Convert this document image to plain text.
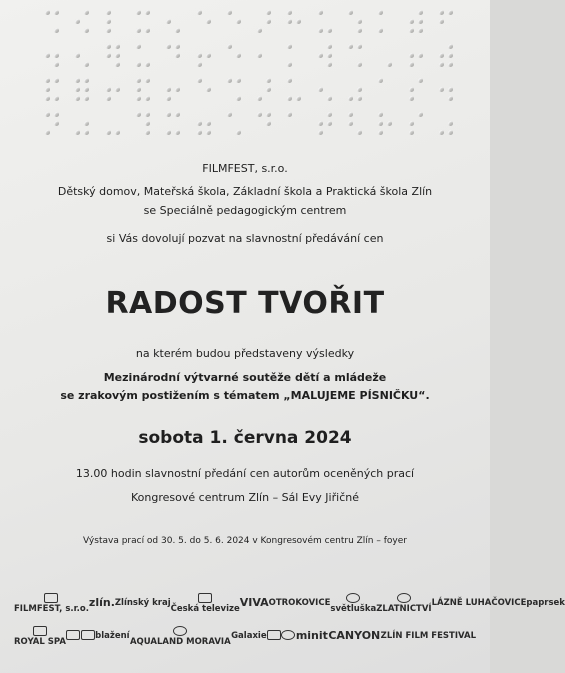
FILMFEST, s.r.o.
Dětský domov, Mateřská škola, Základní škola a Praktická škola Zlín
se Speciálně pedagogickým centrem
si Vás dovolují pozvat na slavnostní předávání cen
RADOST TVOŘIT
na kterém budou představeny výsledky
Mezinárodní výtvarné soutěže dětí a mládeže
se zrakovým postižením s tématem „MALUJEME PÍSNIČKU“.
sobota 1. června 2024
13.00 hodin slavnostní předání cen autorům oceněných prací
Kongresové centrum Zlín – Sál Evy Jiřičné
Výstava prací od 30. 5. do 5. 6. 2024 v Kongresovém centru Zlín – foyer
FILMFEST, s.r.o. zlín. Zlínský kraj
Česká televize VIVA OTROKOVICE
světluška ZLATNICTVÍ
LÁZNĚ LUHAČOVICE paprsek
ROYAL SPA
blažení
AQUALAND MORAVIA
Galaxie	minit CANYON ZLÍN FILM FESTIVAL
